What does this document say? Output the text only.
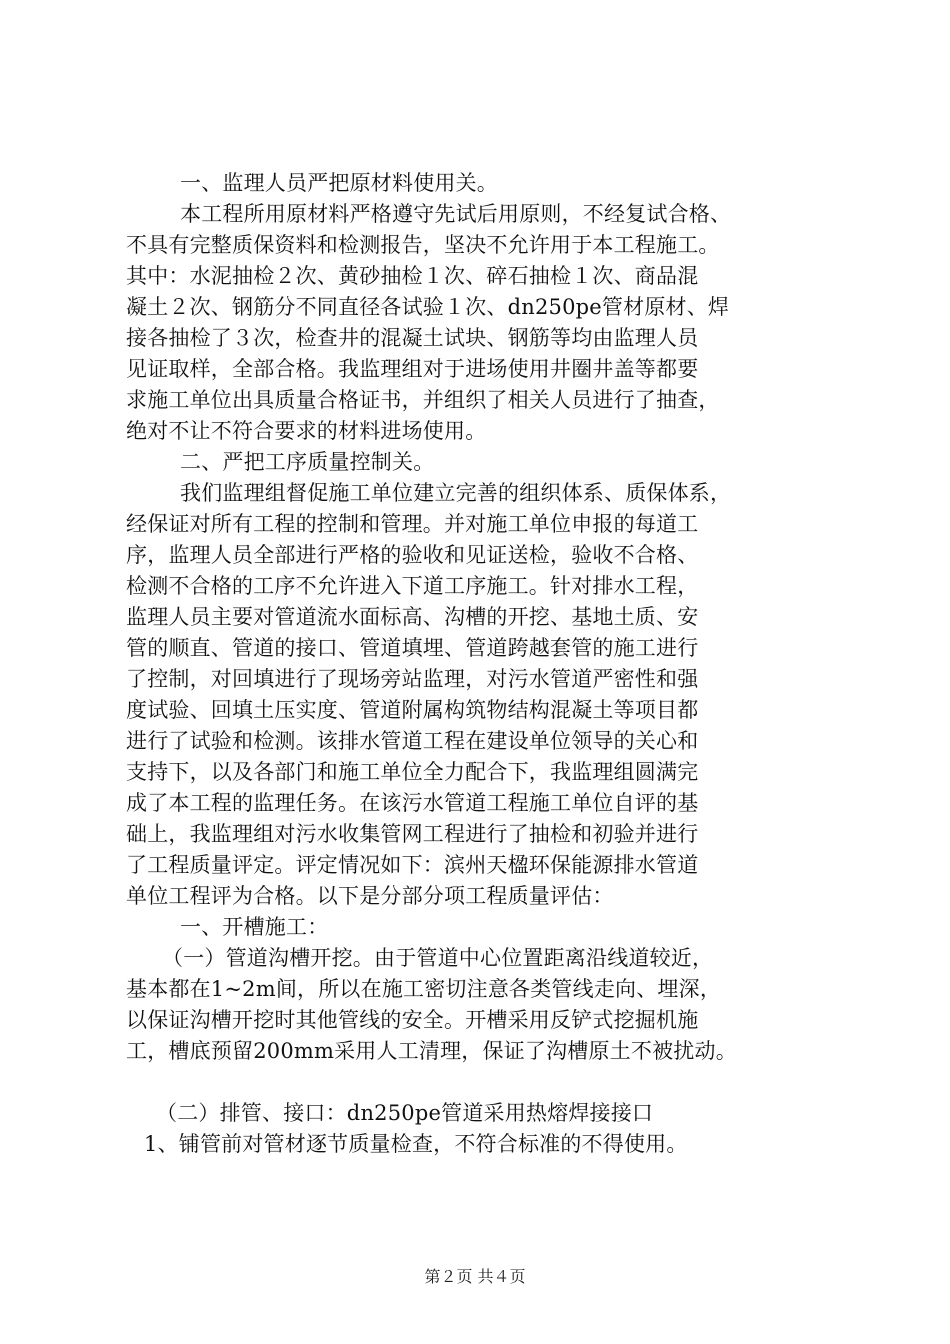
一、监理人员严把原材料使用关。
本工程所用原材料严格遵守先试后用原则，不经复试合格、
不具有完整质保资料和检测报告，坚决不允许用于本工程施工。
其中：水泥抽检２次、黄砂抽检１次、碎石抽检１次、商品混
凝土２次、钢筋分不同直径各试验１次、dn250pe管材原材、焊
接各抽检了３次，检查井的混凝土试块、钢筋等均由监理人员
见证取样，全部合格。我监理组对于进场使用井圈井盖等都要
求施工单位出具质量合格证书，并组织了相关人员进行了抽查，
绝对不让不符合要求的材料进场使用。
二、严把工序质量控制关。
我们监理组督促施工单位建立完善的组织体系、质保体系，
经保证对所有工程的控制和管理。并对施工单位申报的每道工
序，监理人员全部进行严格的验收和见证送检，验收不合格、
检测不合格的工序不允许进入下道工序施工。针对排水工程，
监理人员主要对管道流水面标高、沟槽的开挖、基地土质、安
管的顺直、管道的接口、管道填埋、管道跨越套管的施工进行
了控制，对回填进行了现场旁站监理，对污水管道严密性和强
度试验、回填土压实度、管道附属构筑物结构混凝土等项目都
进行了试验和检测。该排水管道工程在建设单位领导的关心和
支持下，以及各部门和施工单位全力配合下，我监理组圆满完
成了本工程的监理任务。在该污水管道工程施工单位自评的基
础上，我监理组对污水收集管网工程进行了抽检和初验并进行
了工程质量评定。评定情况如下：滨州天楹环保能源排水管道
单位工程评为合格。以下是分部分项工程质量评估：
一、开槽施工：
（一）管道沟槽开挖。由于管道中心位置距离沿线道较近，
基本都在1~2m间，所以在施工密切注意各类管线走向、埋深，
以保证沟槽开挖时其他管线的安全。开槽采用反铲式挖掘机施
工，槽底预留200mm采用人工清理，保证了沟槽原土不被扰动。
（二）排管、接口：dn250pe管道采用热熔焊接接口
1、铺管前对管材逐节质量检查，不符合标准的不得使用。
第２页 共４页
